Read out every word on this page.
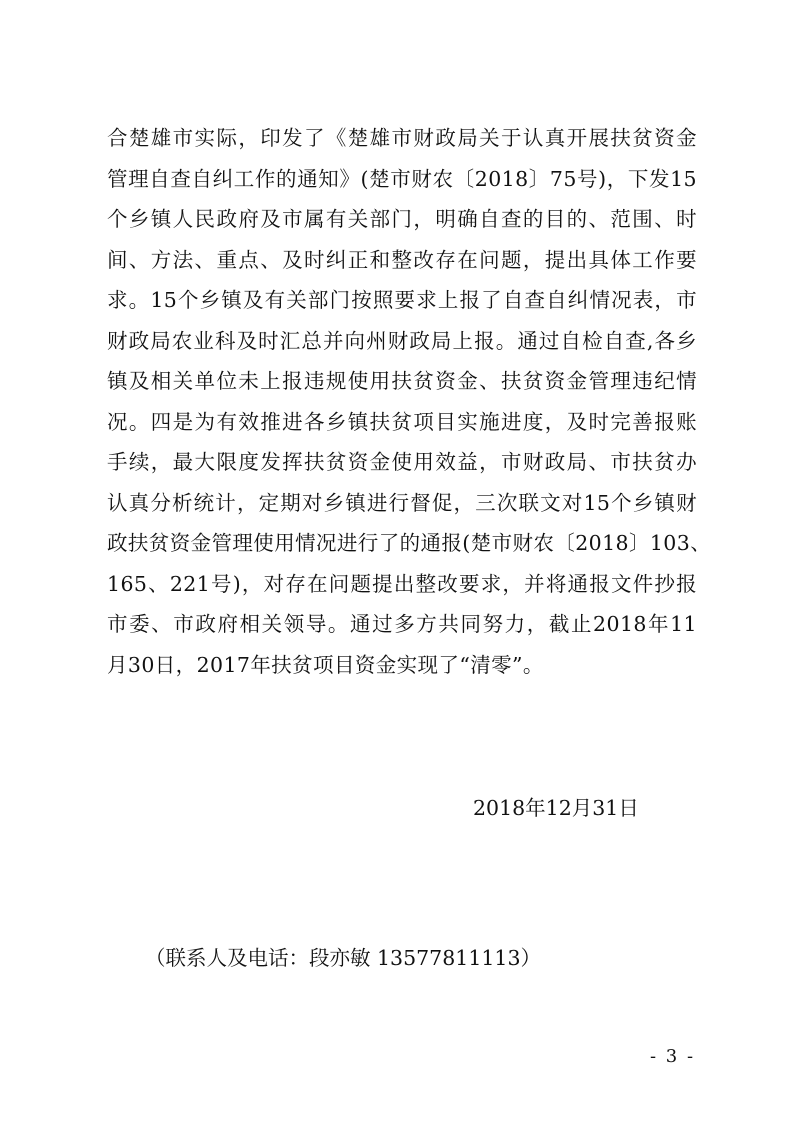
合楚雄市实际，印发了《楚雄市财政局关于认真开展扶贫资金
管理自查自纠工作的通知》(楚市财农〔2018〕75号)，下发15
个乡镇人民政府及市属有关部门，明确自查的目的、范围、时
间、方法、重点、及时纠正和整改存在问题，提出具体工作要
求。15个乡镇及有关部门按照要求上报了自查自纠情况表，市
财政局农业科及时汇总并向州财政局上报。通过自检自查,各乡
镇及相关单位未上报违规使用扶贫资金、扶贫资金管理违纪情
况。四是为有效推进各乡镇扶贫项目实施进度，及时完善报账
手续，最大限度发挥扶贫资金使用效益，市财政局、市扶贫办
认真分析统计，定期对乡镇进行督促，三次联文对15个乡镇财
政扶贫资金管理使用情况进行了的通报(楚市财农〔2018〕103、
165、221号)，对存在问题提出整改要求，并将通报文件抄报
市委、市政府相关领导。通过多方共同努力，截止2018年11
月30日，2017年扶贫项目资金实现了“清零”。
2018年12月31日
（联系人及电话：段亦敏 13577811113）
- 3 -
